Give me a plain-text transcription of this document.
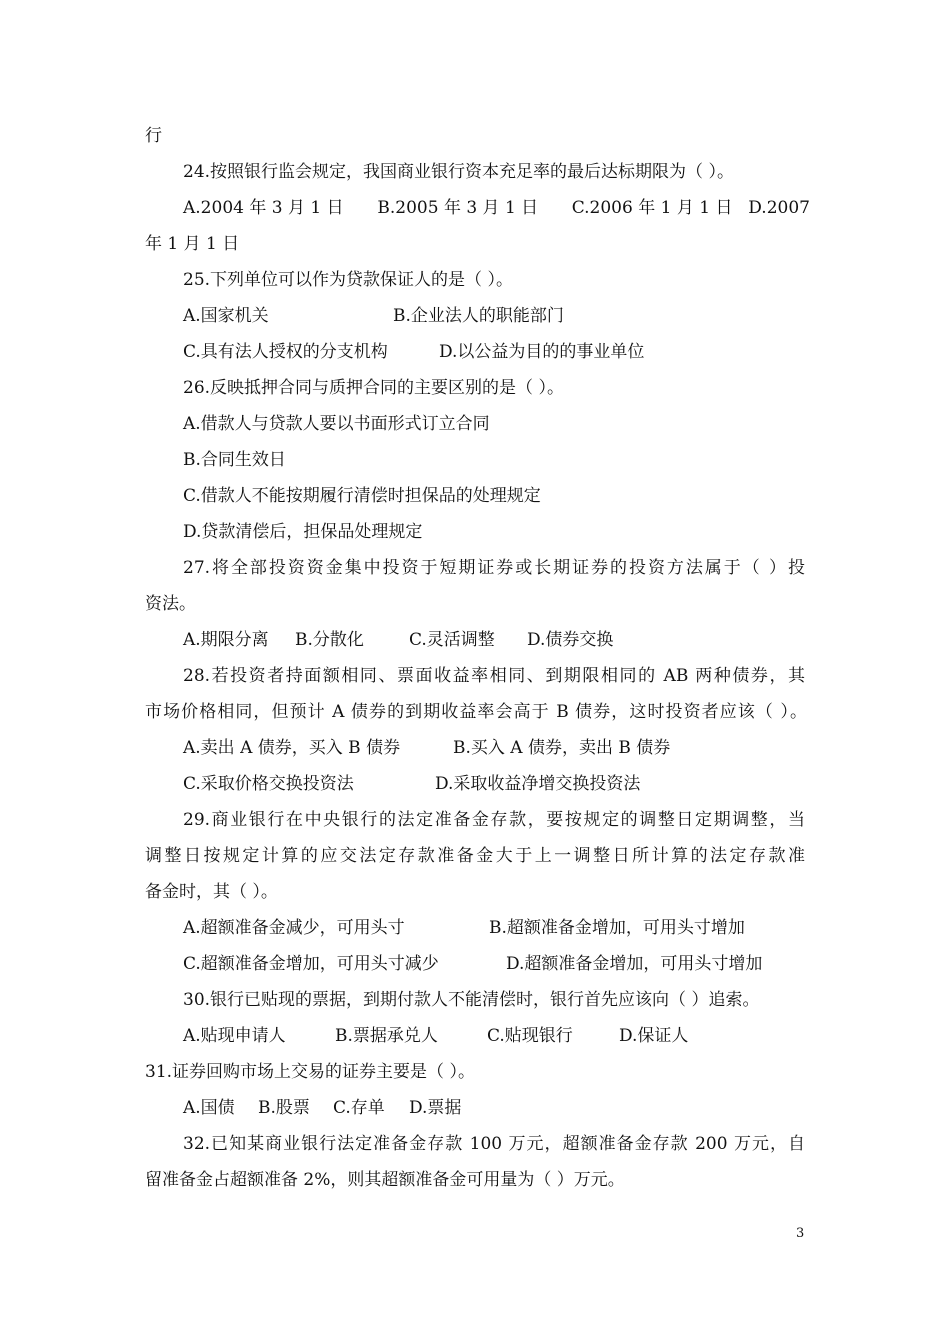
行
24.按照银行监会规定，我国商业银行资本充足率的最后达标期限为（ ）。
A.2004 年 3 月 1 日	B.2005 年 3 月 1 日	C.2006 年 1 月 1 日 D.2007
年 1 月 1 日
25.下列单位可以作为贷款保证人的是（ ）。
A.国家机关	B.企业法人的职能部门
C.具有法人授权的分支机构	D.以公益为目的的事业单位
26.反映抵押合同与质押合同的主要区别的是（ ）。
A.借款人与贷款人要以书面形式订立合同
B.合同生效日
C.借款人不能按期履行清偿时担保品的处理规定
D.贷款清偿后，担保品处理规定
27.将全部投资资金集中投资于短期证券或长期证券的投资方法属于（ ）投
资法。
A.期限分离	B.分散化	C.灵活调整	D.债券交换
28.若投资者持面额相同、票面收益率相同、到期限相同的 AB 两种债券，其
市场价格相同，但预计 A 债券的到期收益率会高于 B 债券，这时投资者应该（ ）。
A.卖出 A 债券，买入 B 债券	B.买入 A 债券，卖出 B 债券
C.采取价格交换投资法	D.采取收益净增交换投资法
29.商业银行在中央银行的法定准备金存款，要按规定的调整日定期调整，当
调整日按规定计算的应交法定存款准备金大于上一调整日所计算的法定存款准
备金时，其（ ）。
A.超额准备金减少，可用头寸	B.超额准备金增加，可用头寸增加
C.超额准备金增加，可用头寸减少	D.超额准备金增加，可用头寸增加
30.银行已贴现的票据，到期付款人不能清偿时，银行首先应该向（ ）追索。
A.贴现申请人	B.票据承兑人	C.贴现银行	D.保证人
31.证券回购市场上交易的证券主要是（ ）。
A.国债	B.股票	C.存单	D.票据
32.已知某商业银行法定准备金存款 100 万元，超额准备金存款 200 万元，自
留准备金占超额准备 2%，则其超额准备金可用量为（ ）万元。
3
